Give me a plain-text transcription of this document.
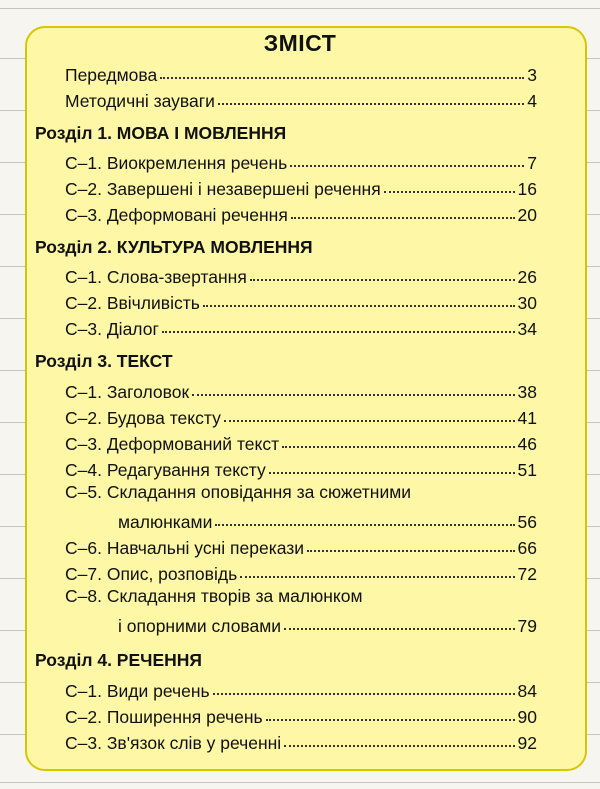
ЗМІСТ
Передмова	3
Методичні зауваги	4
Розділ 1. МОВА І МОВЛЕННЯ
С–1. Виокремлення речень	7
С–2. Завершені і незавершені речення	16
С–3. Деформовані речення	20
Розділ 2. КУЛЬТУРА МОВЛЕННЯ
С–1. Слова-звертання	26
С–2. Ввічливість	30
С–3. Діалог	34
Розділ 3. ТЕКСТ
С–1. Заголовок	38
С–2. Будова тексту	41
С–3. Деформований текст	46
С–4. Редагування тексту	51
С–5. Складання оповідання за сюжетними
малюнками	56
С–6. Навчальні усні перекази	66
С–7. Опис, розповідь	72
С–8. Складання творів за малюнком
і опорними словами	79
Розділ 4. РЕЧЕННЯ
С–1. Види речень	84
С–2. Поширення речень	90
С–3. Зв'язок слів у реченні	92
